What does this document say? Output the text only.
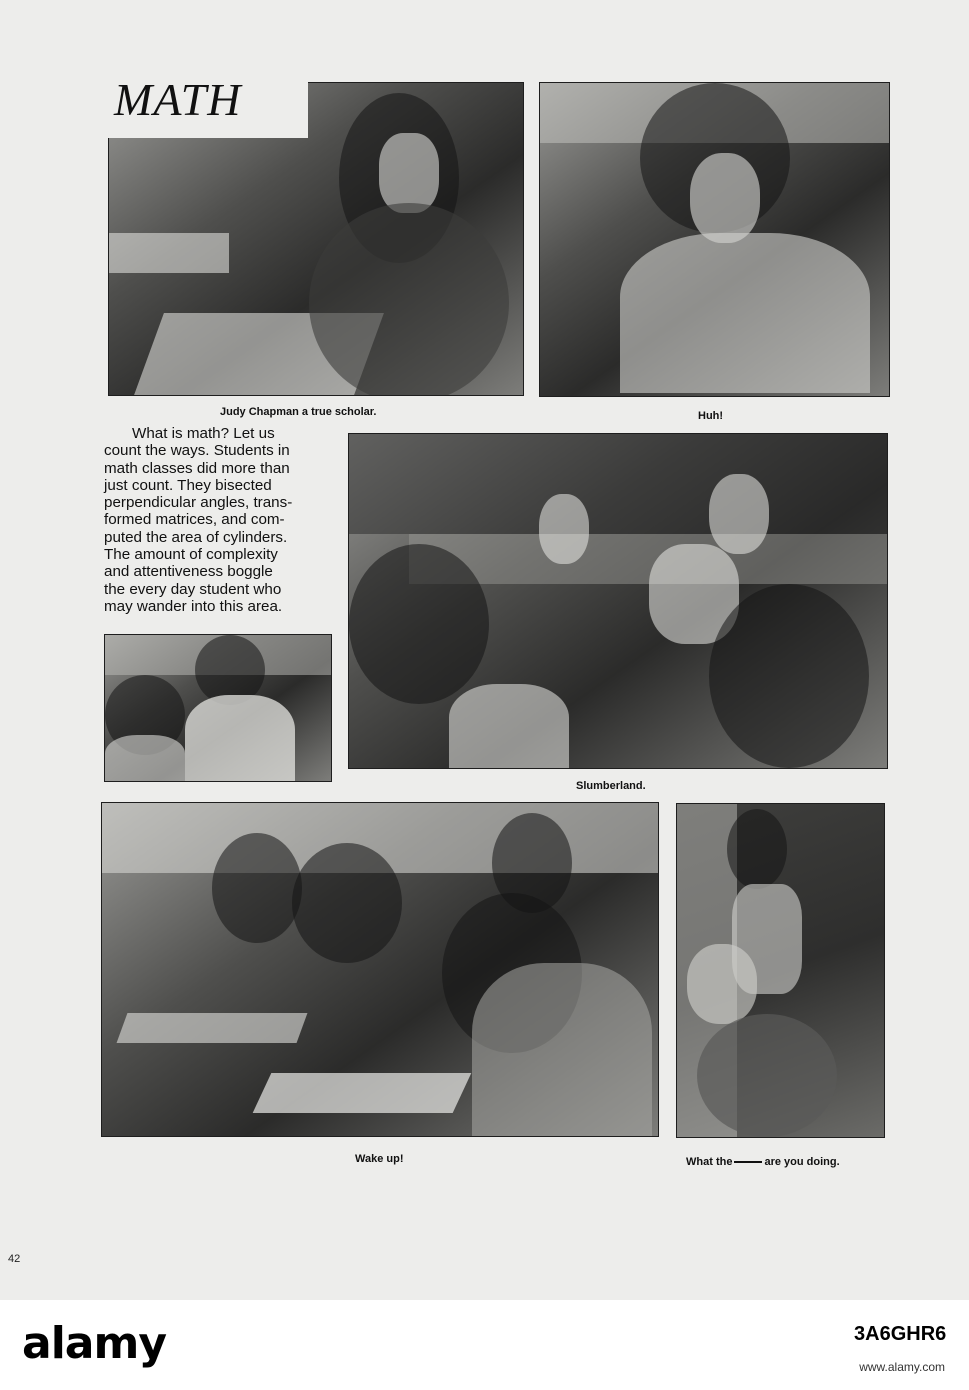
MATH
Judy Chapman a true scholar.	Huh!
What is math? Let us
count the ways. Students in
math classes did more than
just count. They bisected
perpendicular angles, trans-
formed matrices, and com-
puted the area of cylinders.
The amount of complexity
and attentiveness boggle
the every day student who
may wander into this area.
Slumberland.
Wake up!	What the	are you doing.
42
alamy	3A6GHR6
www.alamy.com
